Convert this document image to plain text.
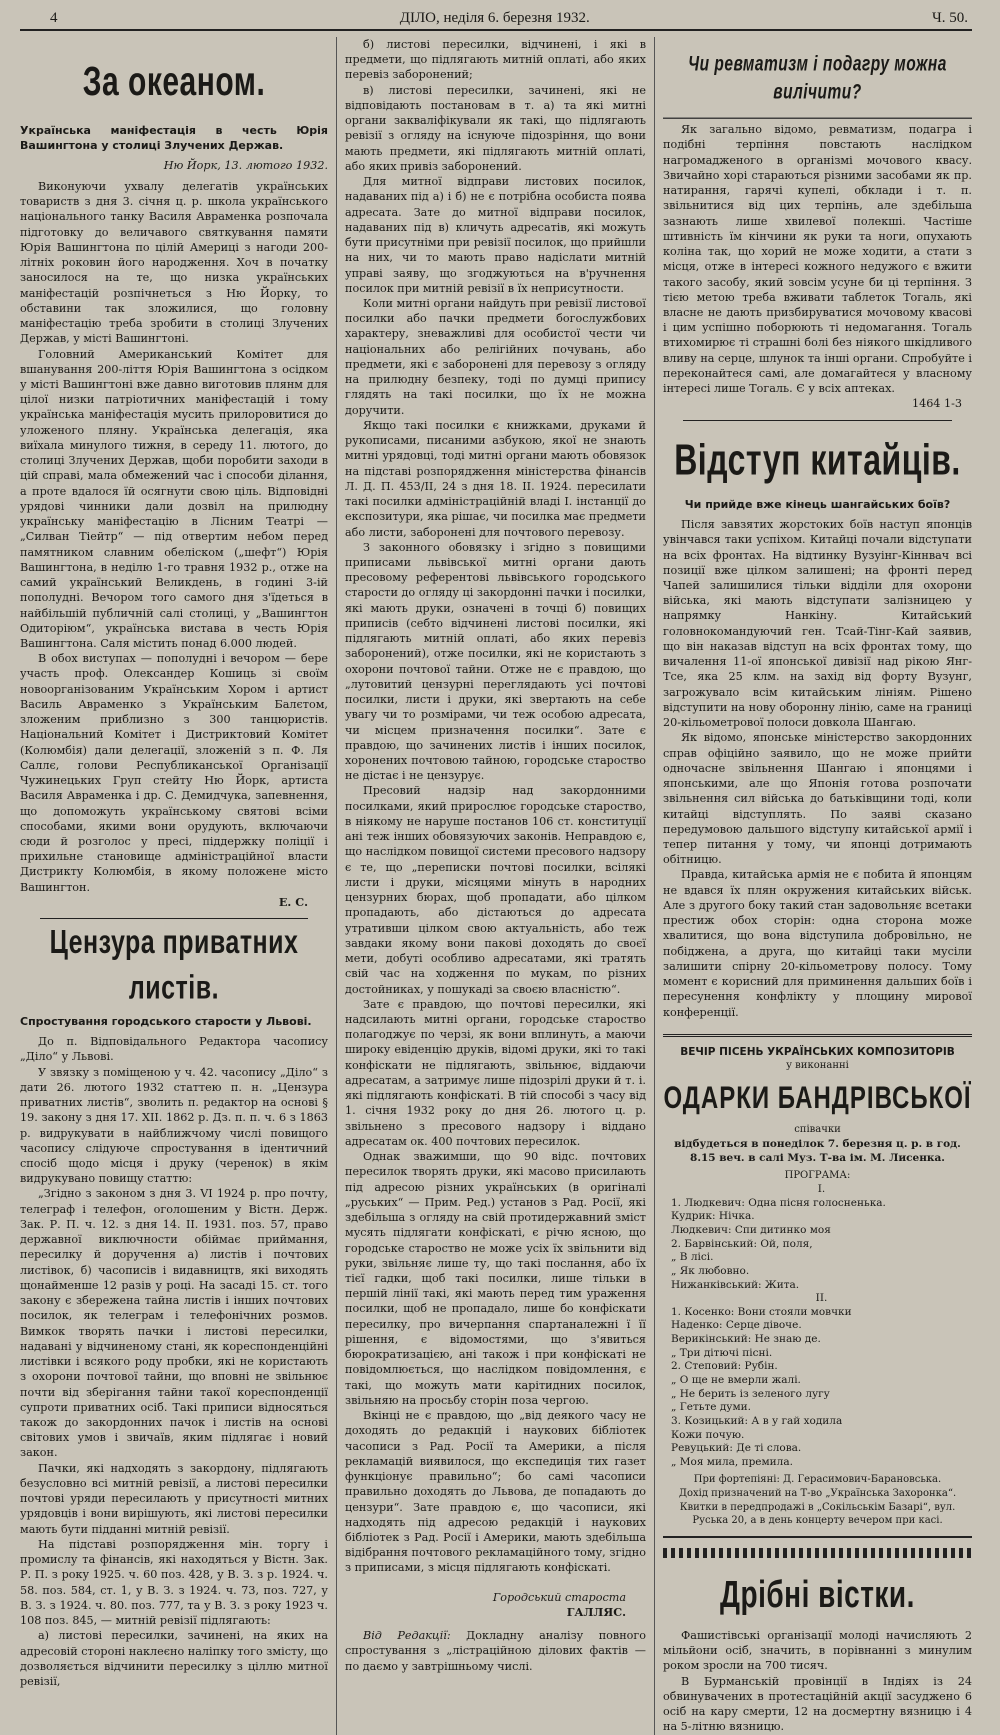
4	ДІЛО, неділя 6. березня 1932.	Ч. 50.
За океаном.

Українська маніфестація в честь Юрія Вашингтона у столиці Злучених Держав.

Ню Йорк, 13. лютого 1932.

Виконуючи ухвалу делегатів українських товариств з дня 3. січня ц. р. школа українського національного танку Василя Авраменка розпочала підготовку до величавого святкування памяти Юрія Вашингтона по цілій Америці з нагоди 200-літніх роковин його народження. Хоч в початку заносилося на те, що низка українських маніфестацій розпічнеться з Ню Йорку, то обставини так зложилися, що головну маніфестацію треба зробити в столиці Злучених Держав, у місті Вашингтоні.

Головний Американський Комітет для вшанування 200-ліття Юрія Вашингтона з осідком у місті Вашингтоні вже давно виготовив плянм для цілої низки патріотичних маніфестацій і тому українська маніфестація мусить прилоровитися до уложеного пляну. Українська делегація, яка виїхала минулого тижня, в середу 11. лютого, до столиці Злучених Держав, щоби поробити заходи в цій справі, мала обмежений час і способи ділання, а проте вдалося їй осягнути свою ціль. Відповідні урядові чинники дали дозвіл на прилюдну українську маніфестацію в Лісним Театрі — „Силван Тіейтр“ — під отвертим небом перед памятником славним обеліском („шефт“) Юрія Вашингтона, в неділю 1-го травня 1932 р., отже на самий український Великдень, в годині 3-ій пополудні. Вечором того самого дня з'їдеться в найбільшій публичній салі столиці, у „Вашингтон Одиторіюм“, українська вистава в честь Юрія Вашингтона. Саля містить понад 6.000 людей.

В обох виступах — пополудні і вечором — бере участь проф. Олександер Кошиць зі своїм новоорганізованим Українським Хором і артист Василь Авраменко з Українським Балєтом, зложеним приблизно з 300 танцюристів. Національний Комітет і Дистриктовий Комітет (Колюмбія) дали делегації, зложеній з п. Ф. Ля Саллє, голови Республиканської Організації Чужинецьких Груп стейту Ню Йорк, артиста Василя Авраменка і др. С. Демидчука, запевнення, що допоможуть українському святові всіми способами, якими вони орудують, включаючи сюди й розголос у пресі, піддержку поліції і прихильне становище адміністраційної власти Дистрикту Колюмбія, в якому положене місто Вашингтон.

Е. С.
Цензура приватних листів.

Спростування городського старости у Львові.

До п. Відповідального Редактора часопису „Діло“ у Львові.

У звязку з поміщеною у ч. 42. часопису „Діло“ з дати 26. лютого 1932 статтею п. н. „Цензура приватних листів“, зволить п. редактор на основі § 19. закону з дня 17. XII. 1862 р. Дз. п. п. ч. 6 з 1863 р. видрукувати в найближчому числі повищого часопису слідуюче спростування в ідентичний спосіб щодо місця і друку (черенок) в якім видрукувано повищу статтю:

„Згідно з законом з дня 3. VI 1924 р. про почту, телеграф і телефон, оголошеним у Вістн. Держ. Зак. Р. П. ч. 12. з дня 14. II. 1931. поз. 57, право державної виключности обіймає приймання, пересилку й доручення а) листів і почтових листівок, б) часописів і видавництв, які виходять щонайменше 12 разів у році. На засаді 15. ст. того закону є збережена тайна листів і інших почтових посилок, як телеграм і телефонічних розмов. Вимкок творять пачки і листові пересилки, надавані у відчиненому стані, як кореспонденційні листівки і всякого роду пробки, які не користають з охорони почтової тайни, що вповні не звільнює почти від зберігання тайни такої кореспонденції супроти приватних осіб. Такі приписи відносяться також до закордонних пачок і листів на основі світових умов і звичаїв, яким підлягає і новий закон.

Пачки, які надходять з закордону, підлягають безусловно всі митній ревізії, а листові пересилки почтові уряди пересилають у присутності митних урядовців і вони вирішують, які листові пересилки мають бути підданні митній ревізії.

На підставі розпорядження мін. торгу і промислу та фінансів, які находяться у Вістн. Зак. Р. П. з року 1925. ч. 60 поз. 428, у В. З. з р. 1924. ч. 58. поз. 584, ст. 1, у В. З. з 1924. ч. 73, поз. 727, у В. З. з 1924. ч. 80. поз. 777, та у В. З. з року 1923 ч. 108 поз. 845, — митній ревізії підлягають:

а) листові пересилки, зачинені, на яких на адресовій стороні наклеєно наліпку того змісту, що дозволяється відчинити пересилку з ціллю митної ревізії,

б) листові пересилки, відчинені, і які в предмети, що підлягають митній оплаті, або яких перевіз заборонений;

в) листові пересилки, зачинені, які не відповідають постановам в т. а) та які митні органи закваліфікували як такі, що підлягають ревізії з огляду на існуюче підозріння, що вони мають предмети, які підлягають митній оплаті, або яких привіз заборонений.

Для митної відправи листових посилок, надаваних під а) і б) не є потрібна особиста поява адресата. Зате до митної відправи посилок, надаваних під в) кличуть адресатів, які можуть бути присутніми при ревізії посилок, що прийшли на них, чи то мають право надіслати митній управі заяву, що згоджуються на в'ручнення посилок при митній ревізії в їх неприсутности.

Коли митні органи найдуть при ревізії листової посилки або пачки предмети богослужбових характеру, зневажливі для особистої чести чи національних або релігійних почувань, або предмети, які є заборонені для перевозу з огляду на прилюдну безпеку, тоді по думці припису глядять на такі посилки, що їх не можна доручити.

Якщо такі посилки є книжками, друками й рукописами, писаними азбукою, якої не знають митні урядовці, тоді митні органи мають обовязок на підставі розпорядження міністерства фінансів Л. Д. П. 453/ІІ, 24 з дня 18. ІІ. 1924. пересилати такі посилки адміністраційній владі І. інстанції до експозитури, яка рішає, чи посилка має предмети або листи, заборонені для почтового перевозу.

З законного обовязку і згідно з повищими приписами львівської митні органи дають пресовому референтові львівського городського старости до огляду ці закордонні пачки і посилки, які мають друки, означені в точці б) повищих приписів (себто відчинені листові посилки, які підлягають митній оплаті, або яких перевіз заборонений), отже посилки, які не користають з охорони почтової тайни. Отже не є правдою, що „лутовитий цензурні переглядають усі почтові посилки, листи і друки, які звертають на себе увагу чи то розмірами, чи теж особою адресата, чи місцем призначення посилки“. Зате є правдою, що зачинених листів і інших посилок, хоронених почтовою тайною, городське староство не дістає і не цензурує.

Пресовий надзір над закордонними посилками, який прирослює городське староство, в ніякому не наруше постанов 106 ст. конституції ані теж інших обовязуючих законів. Неправдою є, що наслідком повищої системи пресового надзору є те, що „переписки почтові посилки, всілякі листи і друки, місяцями мінуть в народних цензурних бюрах, щоб пропадати, або цілком пропадають, або дістаються до адресата утративши цілком свою актуальність, або теж завдаки якому вони пакові доходять до своєї мети, добуті особливо адресатами, які тратять свій час на ходження по мукам, по різних достойниках, у пошукаді за своєю власністю“.

Зате є правдою, що почтові пересилки, які надсилають митні органи, городське староство полагоджує по черзі, як вони вплинуть, а маючи широку евіденцію друків, відомі друки, які то такі конфіскати не підлягають, звільнює, віддаючи адресатам, а затримує лише підозрілі друки й т. і. які підлягають конфіскаті. В тій способі з часу від 1. січня 1932 року до дня 26. лютого ц. р. звільнено з пресового надзору і віддано адресатам ок. 400 почтових пересилок.

Однак зважимши, що 90 відс. почтових пересилок творять друки, які масово присилають під адресою різних українських (в оригіналі „руських“ — Прим. Ред.) установ з Рад. Росії, які здебільша з огляду на свій протидержавний зміст мусять підлягати конфіскаті, є річю ясною, що городське староство не може усіх їх звільнити від руки, звільняє лише ту, що такі послання, або їх тієї гадки, щоб такі посилки, лише тільки в першій лінії такі, які мають перед тим ураження посилки, щоб не пропадало, лише бо конфіскати пересилку, про вичерпання спартаналежні ї її рішення, є відомостями, що з'явиться бюрократизацією, ані також і при конфіскаті не повідомлюється, що наслідком повідомлення, є такі, що можуть мати карітидних посилок, звільняю на просьбу сторін поза чергою.

Вкінці не є правдою, що „від деякого часу не доходять до редакцій і наукових бібліотек часописи з Рад. Росії та Америки, а після рекламацій виявилося, що експедиція тих газет функціонує правильно“; бо самі часописи правильно доходять до Львова, де попадають до цензури“. Зате правдою є, що часописи, які надходять під адресою редакцій і наукових бібліотек з Рад. Росії і Америки, мають здебільша відібрання почтового рекламаційного тому, згідно з приписами, з місця підлягають конфіскаті.

Городський староста
ГАЛЛЯС.

Від Редакції: Докладну аналізу повного спростування з „лістраційною ділових фактів — по даємо у завтрішньому числі.

Чи ревматизм і подагру можна вилічити?

Як загально відомо, ревматизм, подагра і подібні терпіння повстають наслідком нагромадженого в організмі мочового квасу. Звичайно хорі стараються різними засобами як пр. натирання, гарячі купелі, обклади і т. п. звільнитися від цих терпінь, але здебільша зазнають лише хвилевої полекші. Частіше штивність їм кінчини як руки та ноги, опухають коліна так, що хорий не може ходити, а стати з місця, отже в інтересі кожного недужого є вжити такого засобу, який зовсім усуне би ці терпіння. З тією метою треба вживати таблеток Тогаль, які власне не дають призбируватися мочовому квасові і цим успішно поборюють ті недомагання. Тогаль втихомирює ті страшні болі без ніякого шкідливого вливу на серце, шлунок та інші органи. Спробуйте і переконайтеся самі, але домагайтеся у власному інтересі лише Тогаль. Є у всіх аптеках.

1464 1-3
Відступ китайців.

Чи прийде вже кінець шангайських боїв?

Після завзятих жорстоких боїв наступ японців увінчався таки успіхом. Китайці почали відступати на всіх фронтах. На відтинку Вузуінг-Кіннвач всі позиції вже цілком залишені; на фронті перед Чапей залишилися тільки відділи для охорони війська, які мають відступати залізницею у напрямку Нанкіну. Китайський головнокомандуючий ген. Тсай-Тінг-Кай заявив, що він наказав відступ на всіх фронтах тому, що вичалення 11-ої японської дивізії над рікою Янг-Тсе, яка 25 клм. на захід від форту Вузунг, загрожувало всім китайським лініям. Рішено відступити на нову оборонну лінію, саме на границі 20-кільометрової полоси довкола Шангаю.

Як відомо, японське міністерство закордонних справ офіційно заявило, що не може прийти одночасне звільнення Шангаю і японцями і японськими, але що Японія готова розпочати звільнення сил війська до батьківщини тоді, коли китайці відступлять. По заяві сказано передумовою дальшого відступу китайської армії і тепер питання у тому, чи японці дотримають обітницю.

Правда, китайська армія не є побита й японцям не вдався їх плян окружения китайських військ. Але з другого боку такий стан задовольняє всетаки престиж обох сторін: одна сторона може хвалитися, що вона відступила добровільно, не побіджена, а друга, що китайці таки мусіли залишити спірну 20-кільометрову полосу. Тому момент є корисний для приминення дальших боїв і пересунення конфлікту у площину мирової конференції.

ВЕЧІР ПІСЕНЬ УКРАЇНСЬКИХ КОМПОЗИТОРІВ
у виконанні
ОДАРКИ БАНДРІВСЬКОЇ
співачки
відбудеться в понеділок 7. березня ц. р. в год. 8.15 веч. в салі Муз. Т-ва ім. М. Лисенка.
ПРОГРАМА:
І.
1. Людкевич: Одна пісня голосненька.
Кудрик: Нічка.
Людкевич: Спи дитинко моя
2. Барвінський: Ой, поля,
„ В лісі.
„ Як любовно.
Нижанківський: Жита.
ІІ.
1. Косенко: Вони стояли мовчки
Наденко: Серце дівоче.
Верикінський: Не знаю де.
„ Три дітючі пісні.
2. Степовий: Рубін.
„ О ще не вмерли жалі.
„ Не берить із зеленого лугу
„ Гетьте думи.
3. Козицький: А в у гай ходила
Кожи почую.
Ревуцький: Де ті слова.
„ Моя мила, премила.
При фортепіяні: Д. Герасимович-Барановська.
Дохід призначений на Т-во „Українська Захоронка“. Квитки в передпродажі в „Сокільськім Базарі“, вул. Руська 20, а в день концерту вечером при касі.
Дрібні вістки.

Фашистівські організації молоді начисляють 2 мільйони осіб, значить, в порівнанні з минулим роком зросли на 700 тисяч.

В Бурманській провінції в Індіях із 24 обвинувачених в протестаційній акції засуджено 6 осіб на кару смерти, 12 на досмертну вязницю і 4 на 5-літню вязницю.
